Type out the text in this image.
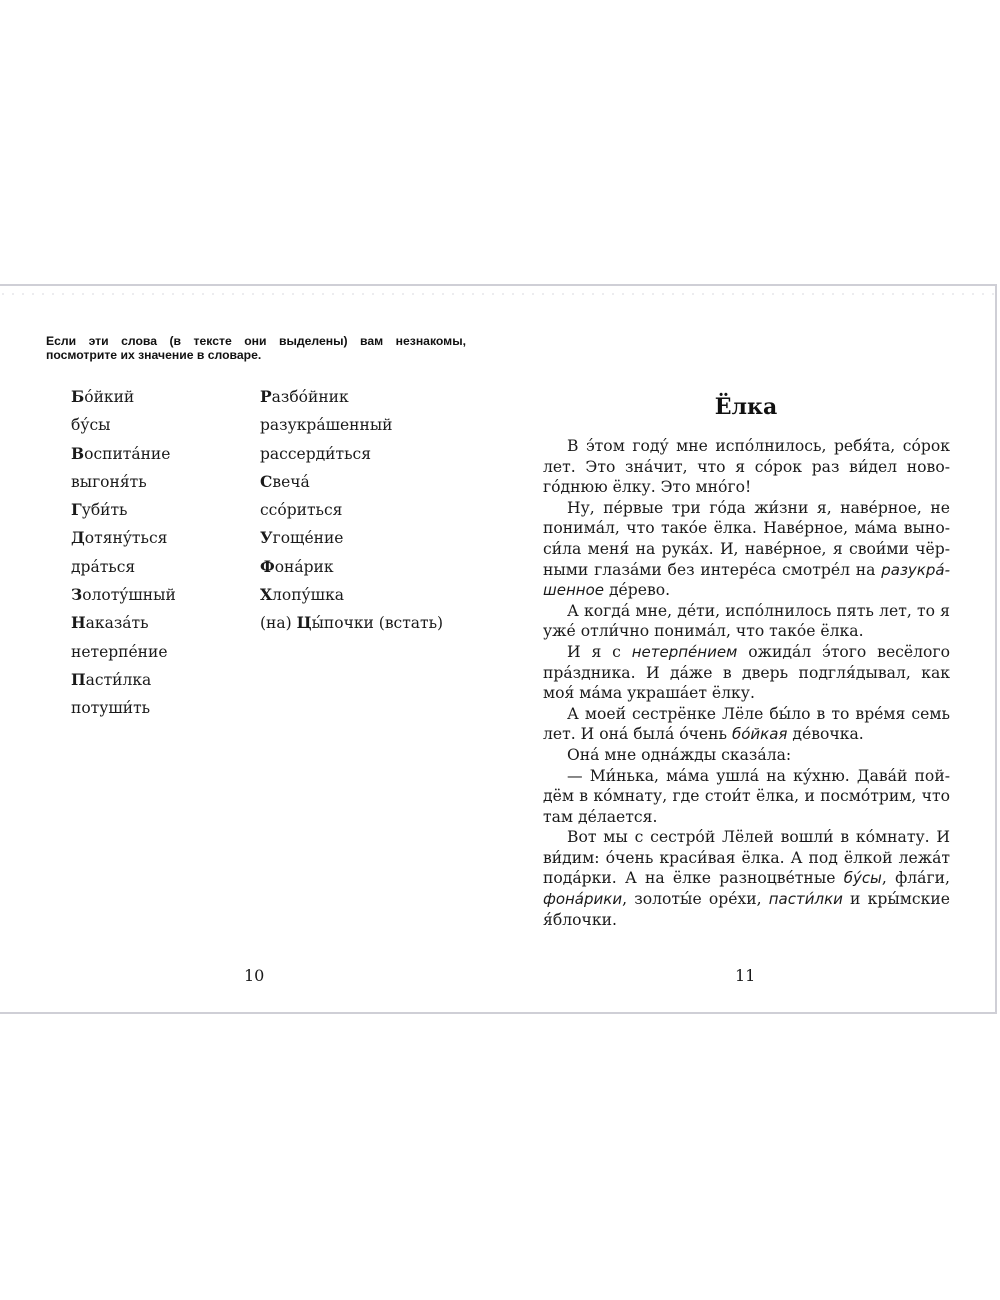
Если эти слова (в тексте они выделены) вам незнакомы, посмотрите их значение в словаре.
Бо́йкий
бу́сы
Воспита́ние
выгоня́ть
Губи́ть
Дотяну́ться
дра́ться
Золоту́шный
Наказа́ть
нетерпе́ние
Пасти́лка
потуши́ть
Разбо́йник
разукра́шенный
рассерди́ться
Свеча́
ссо́риться
Угоще́ние
Фона́рик
Хлопу́шка
(на) Цы́почки (встать)
Ёлка

В э́том году́ мне испо́лнилось, ребя́та, со́рок лет. Это зна́чит, что я со́рок раз ви́дел нового́днюю ёлку. Это мно́го!

Ну, пе́рвые три го́да жи́зни я, наве́рное, не понима́л, что тако́е ёлка. Наве́рное, ма́ма выноси́ла меня́ на рука́х. И, наве́рное, я свои́ми чёрными глаза́ми без интере́са смотре́л на разукра́шенное де́рево.

А когда́ мне, де́ти, испо́лнилось пять лет, то я уже́ отли́чно понима́л, что тако́е ёлка.

И я с нетерпе́нием ожида́л э́того весёлого пра́здника. И да́же в дверь подгля́дывал, как моя́ ма́ма украша́ет ёлку.

А моей́ сестрёнке Лёле бы́ло в то вре́мя семь лет. И она́ была́ о́чень бо́йкая де́вочка.

Она́ мне одна́жды сказа́ла:

— Ми́нька, ма́ма ушла́ на ку́хню. Дава́й пойдём в ко́мнату, где стои́т ёлка, и посмо́трим, что там де́лается.

Вот мы с сестро́й Лёлей вошли́ в ко́мнату. И ви́дим: о́чень краси́вая ёлка. А под ёлкой лежа́т пода́рки. А на ёлке разноцве́тные бу́сы, фла́ги, фона́рики, золоты́е оре́хи, пасти́лки и кры́мские я́блочки.

10	11
